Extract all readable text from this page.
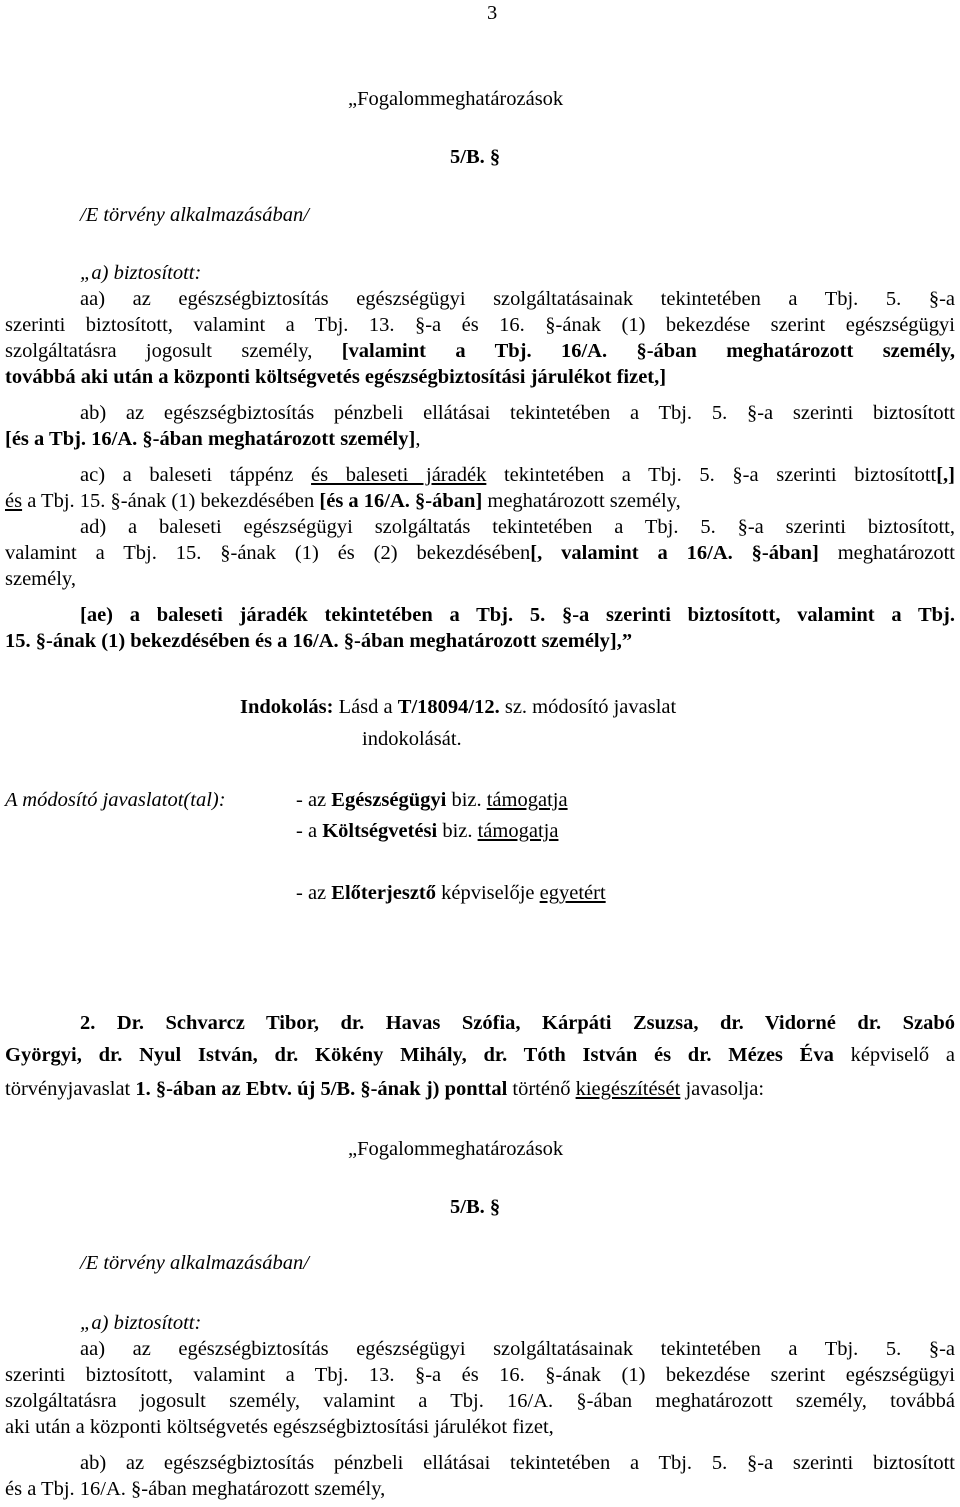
3
„Fogalommeghatározások
5/B. §
/E törvény alkalmazásában/
„a) biztosított:
aa) az egészségbiztosítás egészségügyi szolgáltatásainak tekintetében a Tbj. 5. §-a
szerinti biztosított, valamint a Tbj. 13. §-a és 16. §-ának (1) bekezdése szerint egészségügyi
szolgáltatásra jogosult személy, [valamint a Tbj. 16/A. §-ában meghatározott személy,
továbbá aki után a központi költségvetés egészségbiztosítási járulékot fizet,]
ab) az egészségbiztosítás pénzbeli ellátásai tekintetében a Tbj. 5. §-a szerinti biztosított
[és a Tbj. 16/A. §-ában meghatározott személy],
ac) a baleseti táppénz és baleseti járadék tekintetében a Tbj. 5. §-a szerinti biztosított[,]
és a Tbj. 15. §-ának (1) bekezdésében [és a 16/A. §-ában] meghatározott személy,
ad) a baleseti egészségügyi szolgáltatás tekintetében a Tbj. 5. §-a szerinti biztosított,
valamint a Tbj. 15. §-ának (1) és (2) bekezdésében[, valamint a 16/A. §-ában] meghatározott
személy,
[ae) a baleseti járadék tekintetében a Tbj. 5. §-a szerinti biztosított, valamint a Tbj.
15. §-ának (1) bekezdésében és a 16/A. §-ában meghatározott személy],”
Indokolás: Lásd a T/18094/12. sz. módosító javaslat
indokolását.
A módosító javaslatot(tal):	- az Egészségügyi biz. támogatja
- a Költségvetési biz. támogatja
- az Előterjesztő képviselője egyetért
2. Dr. Schvarcz Tibor, dr. Havas Szófia, Kárpáti Zsuzsa, dr. Vidorné dr. Szabó
Györgyi, dr. Nyul István, dr. Kökény Mihály, dr. Tóth István és dr. Mézes Éva képviselő a
törvényjavaslat 1. §-ában az Ebtv. új 5/B. §-ának j) ponttal történő kiegészítését javasolja:
„Fogalommeghatározások
5/B. §
/E törvény alkalmazásában/
„a) biztosított:
aa) az egészségbiztosítás egészségügyi szolgáltatásainak tekintetében a Tbj. 5. §-a
szerinti biztosított, valamint a Tbj. 13. §-a és 16. §-ának (1) bekezdése szerint egészségügyi
szolgáltatásra jogosult személy, valamint a Tbj. 16/A. §-ában meghatározott személy, továbbá
aki után a központi költségvetés egészségbiztosítási járulékot fizet,
ab) az egészségbiztosítás pénzbeli ellátásai tekintetében a Tbj. 5. §-a szerinti biztosított
és a Tbj. 16/A. §-ában meghatározott személy,
